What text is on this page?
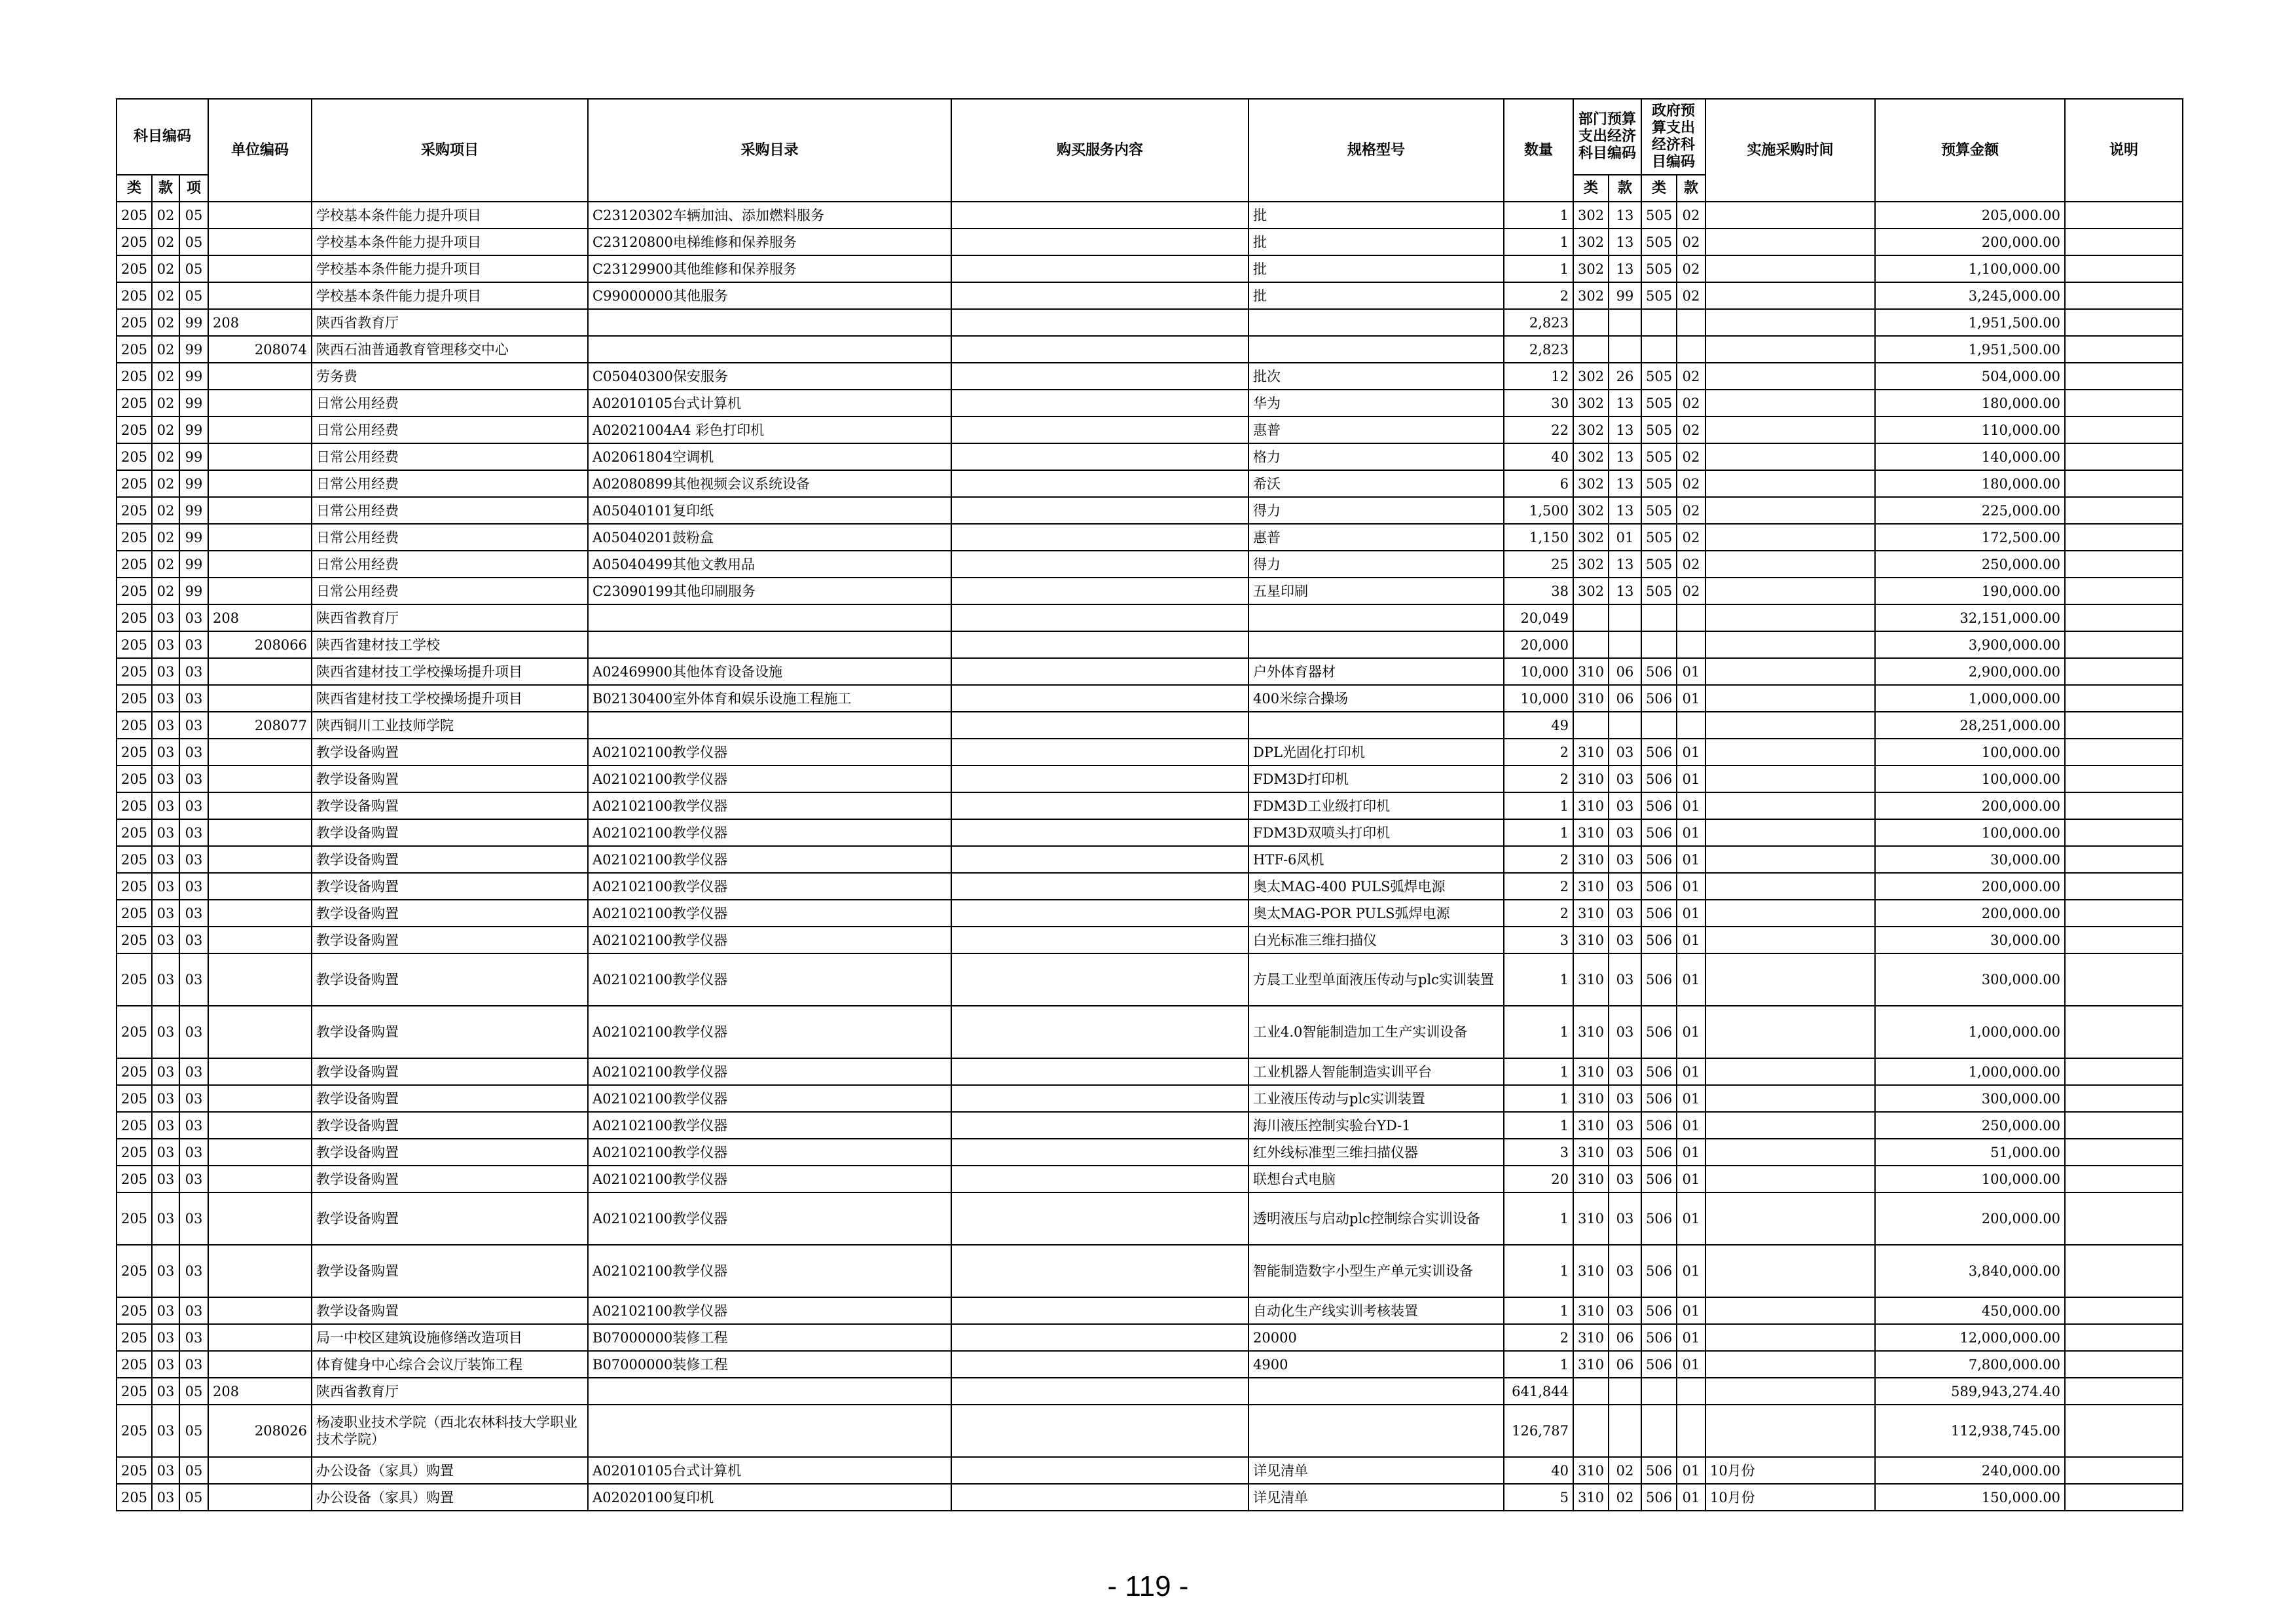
科目编码			单位编码	采购项目	采购目录	购买服务内容	规格型号	数量	部门预算支出经济科目编码		政府预算支出经济科目编码		实施采购时间	预算金额	说明

类	款	项							类	款	类	款			
205	02	05		学校基本条件能力提升项目	C23120302车辆加油、添加燃料服务		批	1	302	13	505	02		205,000.00	
205	02	05		学校基本条件能力提升项目	C23120800电梯维修和保养服务		批	1	302	13	505	02		200,000.00	
205	02	05		学校基本条件能力提升项目	C23129900其他维修和保养服务		批	1	302	13	505	02		1,100,000.00	
205	02	05		学校基本条件能力提升项目	C99000000其他服务		批	2	302	99	505	02		3,245,000.00	
205	02	99	208	陕西省教育厅				2,823						1,951,500.00	
205	02	99	208074	陕西石油普通教育管理移交中心				2,823						1,951,500.00	
205	02	99		劳务费	C05040300保安服务		批次	12	302	26	505	02		504,000.00	
205	02	99		日常公用经费	A02010105台式计算机		华为	30	302	13	505	02		180,000.00	
205	02	99		日常公用经费	A02021004A4 彩色打印机		惠普	22	302	13	505	02		110,000.00	
205	02	99		日常公用经费	A02061804空调机		格力	40	302	13	505	02		140,000.00	
205	02	99		日常公用经费	A02080899其他视频会议系统设备		希沃	6	302	13	505	02		180,000.00	
205	02	99		日常公用经费	A05040101复印纸		得力	1,500	302	13	505	02		225,000.00	
205	02	99		日常公用经费	A05040201鼓粉盒		惠普	1,150	302	01	505	02		172,500.00	
205	02	99		日常公用经费	A05040499其他文教用品		得力	25	302	13	505	02		250,000.00	
205	02	99		日常公用经费	C23090199其他印刷服务		五星印刷	38	302	13	505	02		190,000.00	
205	03	03	208	陕西省教育厅				20,049						32,151,000.00	
205	03	03	208066	陕西省建材技工学校				20,000						3,900,000.00	
205	03	03		陕西省建材技工学校操场提升项目	A02469900其他体育设备设施		户外体育器材	10,000	310	06	506	01		2,900,000.00	
205	03	03		陕西省建材技工学校操场提升项目	B02130400室外体育和娱乐设施工程施工		400米综合操场	10,000	310	06	506	01		1,000,000.00	
205	03	03	208077	陕西铜川工业技师学院				49						28,251,000.00	
205	03	03		教学设备购置	A02102100教学仪器		DPL光固化打印机	2	310	03	506	01		100,000.00	
205	03	03		教学设备购置	A02102100教学仪器		FDM3D打印机	2	310	03	506	01		100,000.00	
205	03	03		教学设备购置	A02102100教学仪器		FDM3D工业级打印机	1	310	03	506	01		200,000.00	
205	03	03		教学设备购置	A02102100教学仪器		FDM3D双喷头打印机	1	310	03	506	01		100,000.00	
205	03	03		教学设备购置	A02102100教学仪器		HTF-6风机	2	310	03	506	01		30,000.00	
205	03	03		教学设备购置	A02102100教学仪器		奥太MAG-400 PULS弧焊电源	2	310	03	506	01		200,000.00	
205	03	03		教学设备购置	A02102100教学仪器		奥太MAG-POR PULS弧焊电源	2	310	03	506	01		200,000.00	
205	03	03		教学设备购置	A02102100教学仪器		白光标准三维扫描仪	3	310	03	506	01		30,000.00	
205	03	03		教学设备购置	A02102100教学仪器		方晨工业型单面液压传动与plc实训装置	1	310	03	506	01		300,000.00	
205	03	03		教学设备购置	A02102100教学仪器		工业4.0智能制造加工生产实训设备	1	310	03	506	01		1,000,000.00	
205	03	03		教学设备购置	A02102100教学仪器		工业机器人智能制造实训平台	1	310	03	506	01		1,000,000.00	
205	03	03		教学设备购置	A02102100教学仪器		工业液压传动与plc实训装置	1	310	03	506	01		300,000.00	
205	03	03		教学设备购置	A02102100教学仪器		海川液压控制实验台YD-1	1	310	03	506	01		250,000.00	
205	03	03		教学设备购置	A02102100教学仪器		红外线标准型三维扫描仪器	3	310	03	506	01		51,000.00	
205	03	03		教学设备购置	A02102100教学仪器		联想台式电脑	20	310	03	506	01		100,000.00	
205	03	03		教学设备购置	A02102100教学仪器		透明液压与启动plc控制综合实训设备	1	310	03	506	01		200,000.00	
205	03	03		教学设备购置	A02102100教学仪器		智能制造数字小型生产单元实训设备	1	310	03	506	01		3,840,000.00	
205	03	03		教学设备购置	A02102100教学仪器		自动化生产线实训考核装置	1	310	03	506	01		450,000.00	
205	03	03		局一中校区建筑设施修缮改造项目	B07000000装修工程		20000	2	310	06	506	01		12,000,000.00	
205	03	03		体育健身中心综合会议厅装饰工程	B07000000装修工程		4900	1	310	06	506	01		7,800,000.00	
205	03	05	208	陕西省教育厅				641,844						589,943,274.40	
205	03	05	208026	杨凌职业技术学院（西北农林科技大学职业技术学院）				126,787						112,938,745.00	
205	03	05		办公设备（家具）购置	A02010105台式计算机		详见清单	40	310	02	506	01	10月份	240,000.00	
205	03	05		办公设备（家具）购置	A02020100复印机		详见清单	5	310	02	506	01	10月份	150,000.00	
- 119 -
